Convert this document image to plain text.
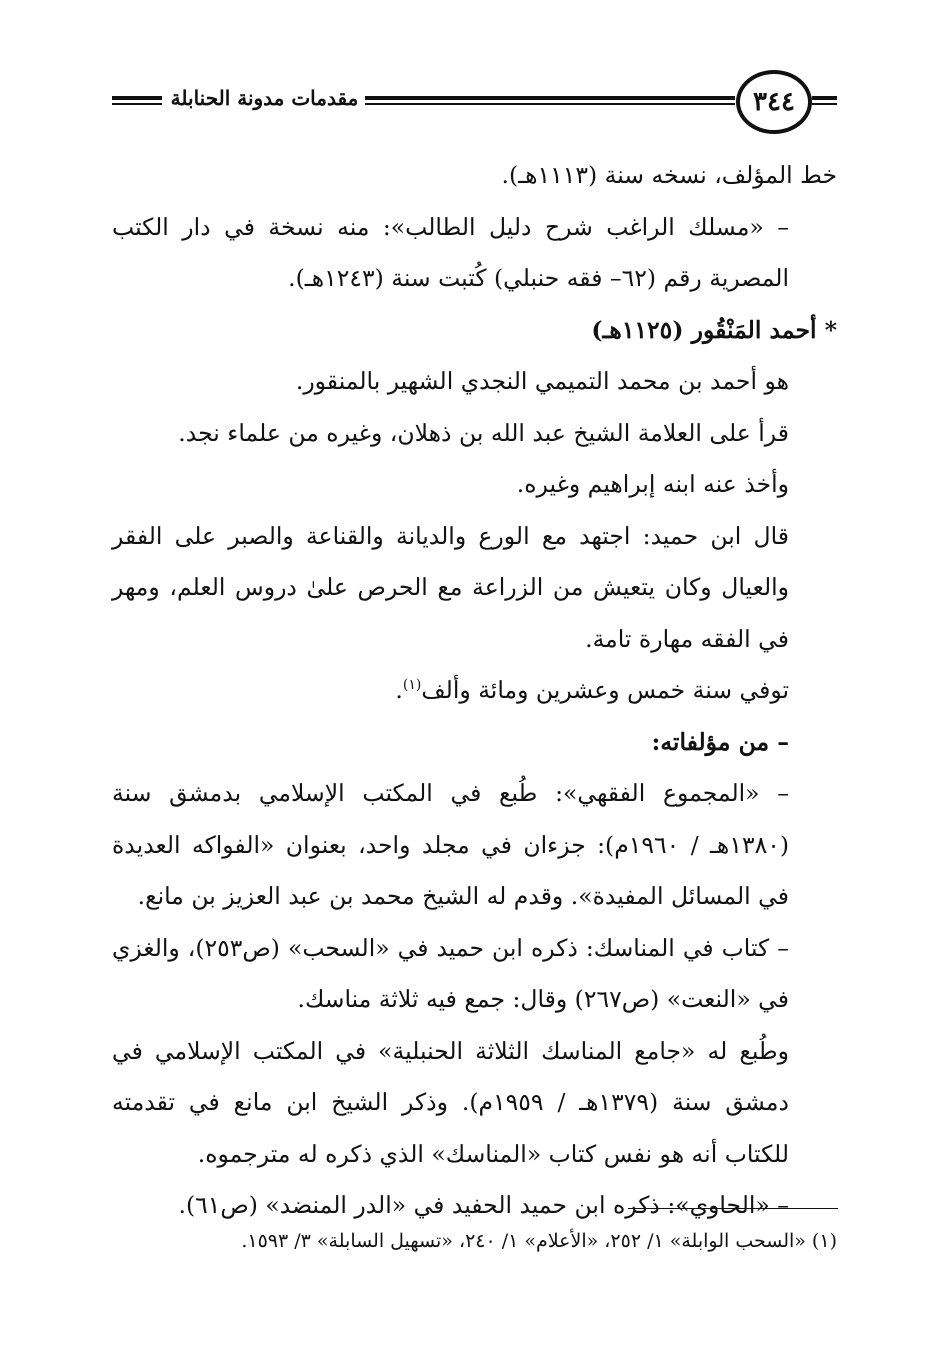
مقدمات مدونة الحنابلة	٣٤٤

خط المؤلف، نسخه سنة (١١١٣هـ).

– «مسلك الراغب شرح دليل الطالب»: منه نسخة في دار الكتب المصرية رقم (٦٢– فقه حنبلي) كُتبت سنة (١٢٤٣هـ).

* أحمد المَنْقُور (١١٢٥هـ)

هو أحمد بن محمد التميمي النجدي الشهير بالمنقور.

قرأ على العلامة الشيخ عبد الله بن ذهلان، وغيره من علماء نجد.

وأخذ عنه ابنه إبراهيم وغيره.

قال ابن حميد: اجتهد مع الورع والديانة والقناعة والصبر على الفقر والعيال وكان يتعيش من الزراعة مع الحرص علىٰ دروس العلم، ومهر في الفقه مهارة تامة.

توفي سنة خمس وعشرين ومائة وألف$^{(١)}$.

– من مؤلفاته:

– «المجموع الفقهي»: طُبع في المكتب الإسلامي بدمشق سنة (١٣٨٠هـ / ١٩٦٠م): جزءان في مجلد واحد، بعنوان «الفواكه العديدة في المسائل المفيدة». وقدم له الشيخ محمد بن عبد العزيز بن مانع.

– كتاب في المناسك: ذكره ابن حميد في «السحب» (ص٢٥٣)، والغزي في «النعت» (ص٢٦٧) وقال: جمع فيه ثلاثة مناسك.

وطُبع له «جامع المناسك الثلاثة الحنبلية» في المكتب الإسلامي في دمشق سنة (١٣٧٩هـ / ١٩٥٩م). وذكر الشيخ ابن مانع في تقدمته للكتاب أنه هو نفس كتاب «المناسك» الذي ذكره له مترجموه.

– «الحاوي»: ذكره ابن حميد الحفيد في «الدر المنضد» (ص٦١).

(١) «السحب الوابلة» ١/ ٢٥٢، «الأعلام» ١/ ٢٤٠، «تسهيل السابلة» ٣/ ١٥٩٣.
